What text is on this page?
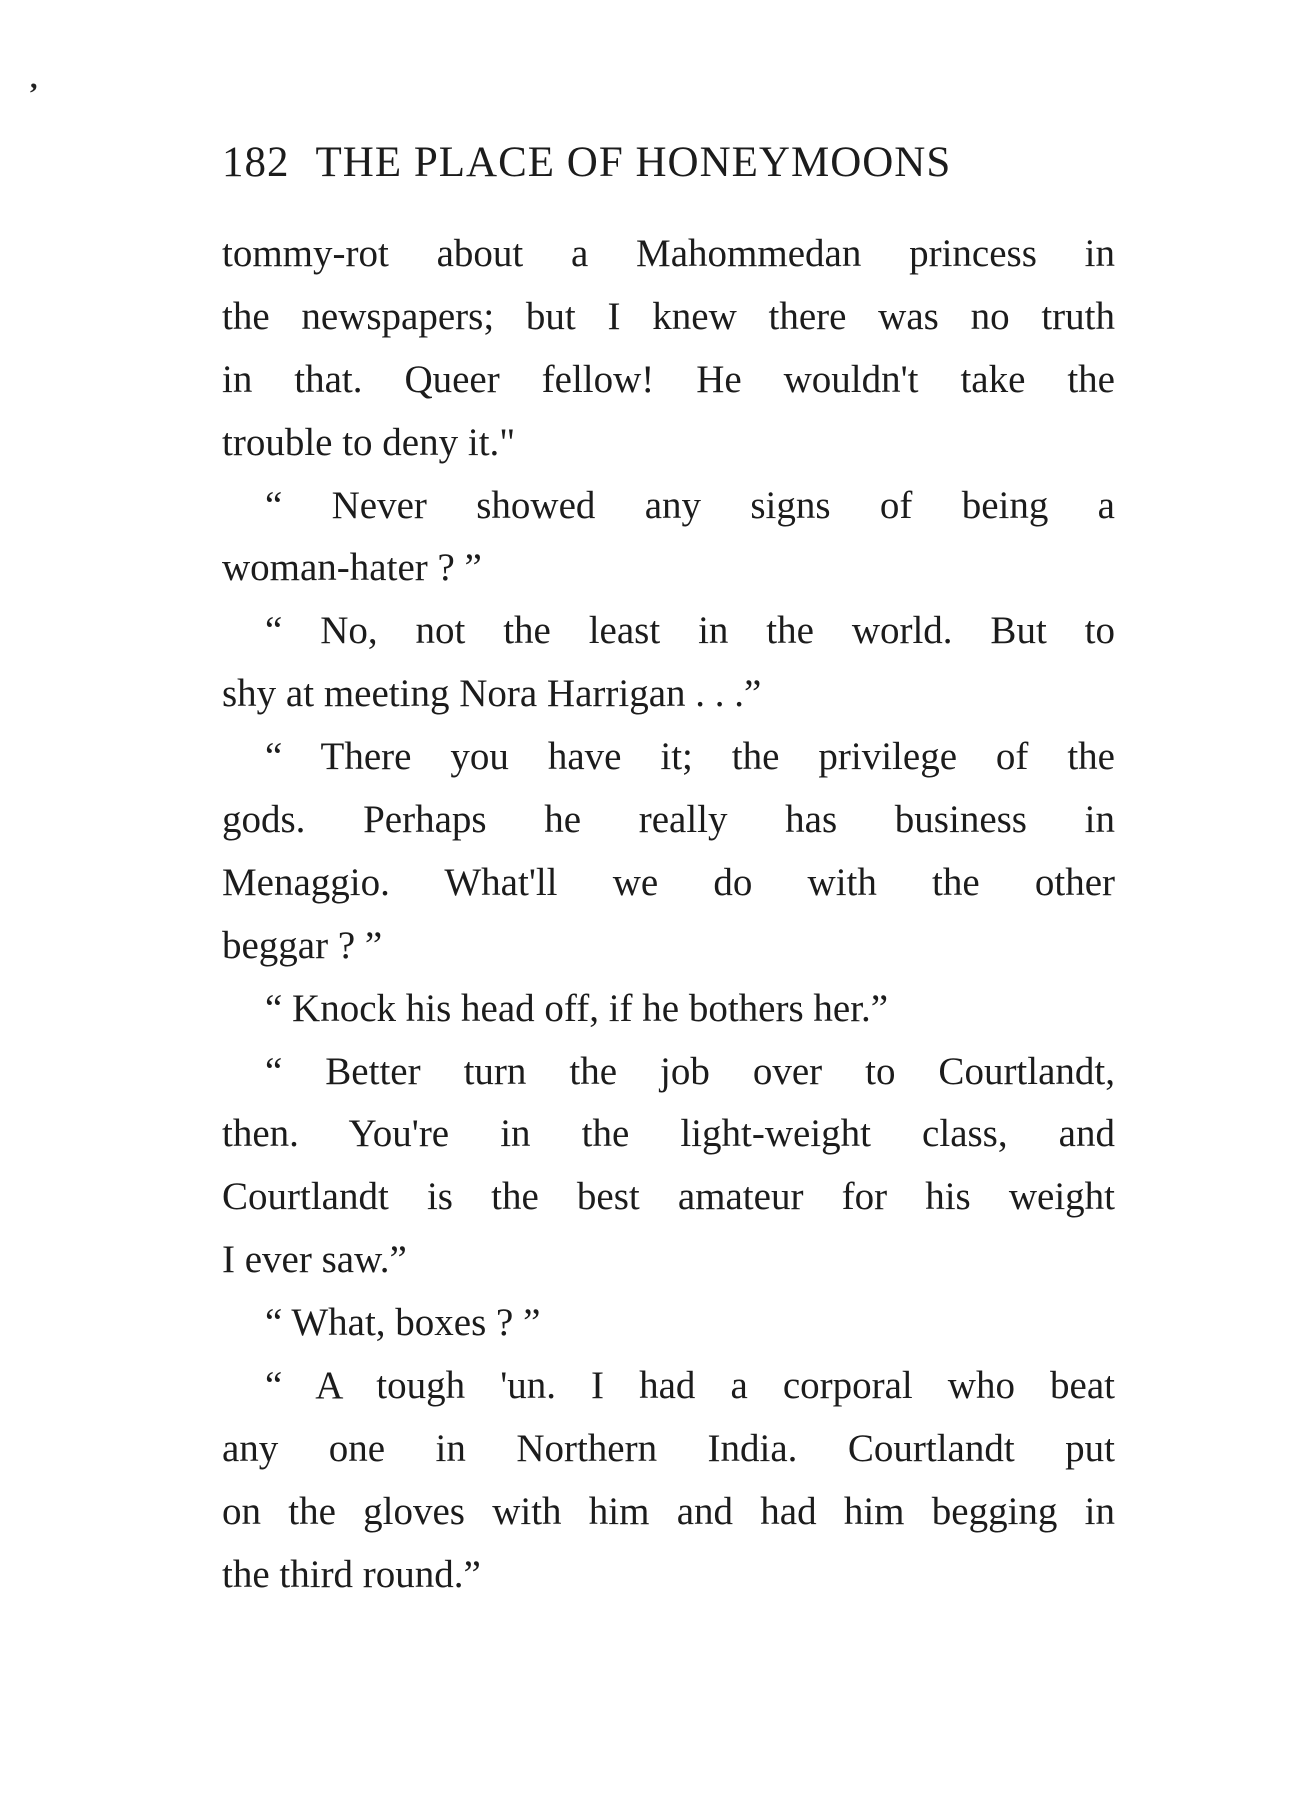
,
182 THE PLACE OF HONEYMOONS
tommy-rot about a Mahommedan princess in
the newspapers; but I knew there was no truth
in that. Queer fellow! He wouldn't take the
trouble to deny it."
“ Never showed any signs of being a
woman-hater ? ”
“ No, not the least in the world. But to
shy at meeting Nora Harrigan . . .”
“ There you have it; the privilege of the
gods. Perhaps he really has business in
Menaggio. What'll we do with the other
beggar ? ”
“ Knock his head off, if he bothers her.”
“ Better turn the job over to Courtlandt,
then. You're in the light-weight class, and
Courtlandt is the best amateur for his weight
I ever saw.”
“ What, boxes ? ”
“ A tough 'un. I had a corporal who beat
any one in Northern India. Courtlandt put
on the gloves with him and had him begging in
the third round.”
